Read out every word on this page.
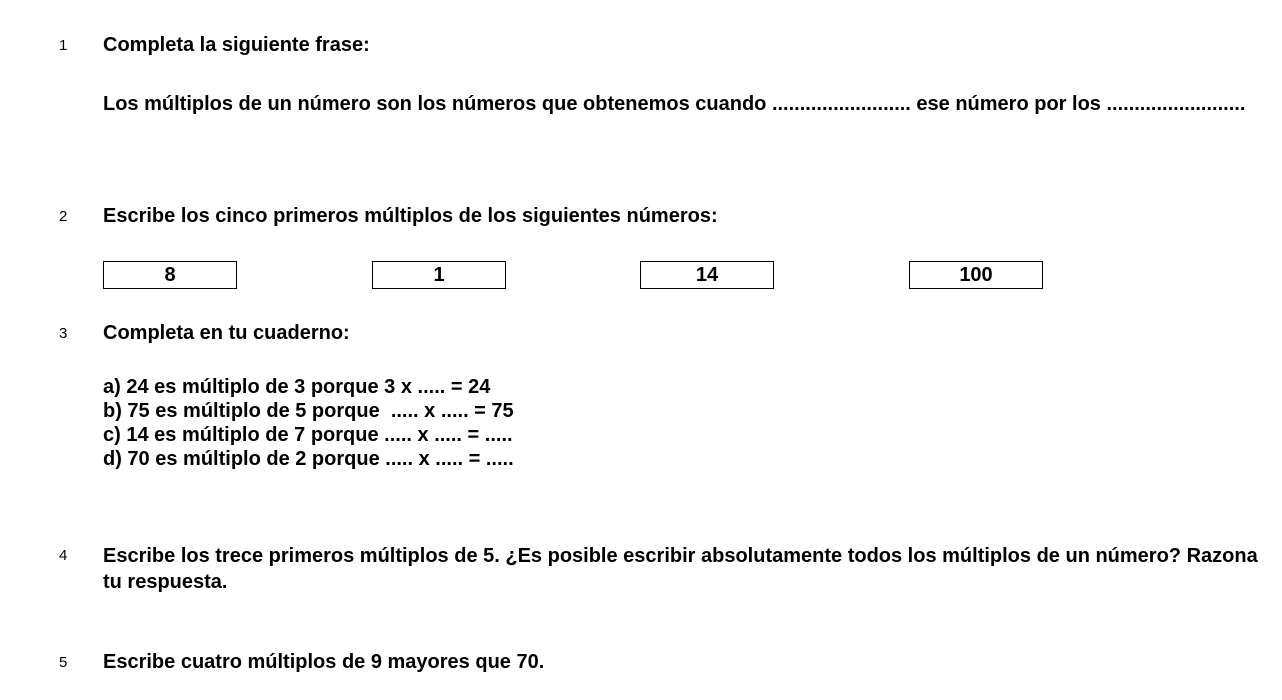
1 Completa la siguiente frase:
Los múltiplos de un número son los números que obtenemos cuando ......................... ese número por los .........................
2 Escribe los cinco primeros múltiplos de los siguientes números:
8	1	14	100
3 Completa en tu cuaderno:
a) 24 es múltiplo de 3 porque 3 x ..... = 24
b) 75 es múltiplo de 5 porque  ..... x ..... = 75
c) 14 es múltiplo de 7 porque ..... x ..... = .....
d) 70 es múltiplo de 2 porque ..... x ..... = .....
4 Escribe los trece primeros múltiplos de 5. ¿Es posible escribir absolutamente todos los múltiplos de un número? Razona tu respuesta.
5 Escribe cuatro múltiplos de 9 mayores que 70.
